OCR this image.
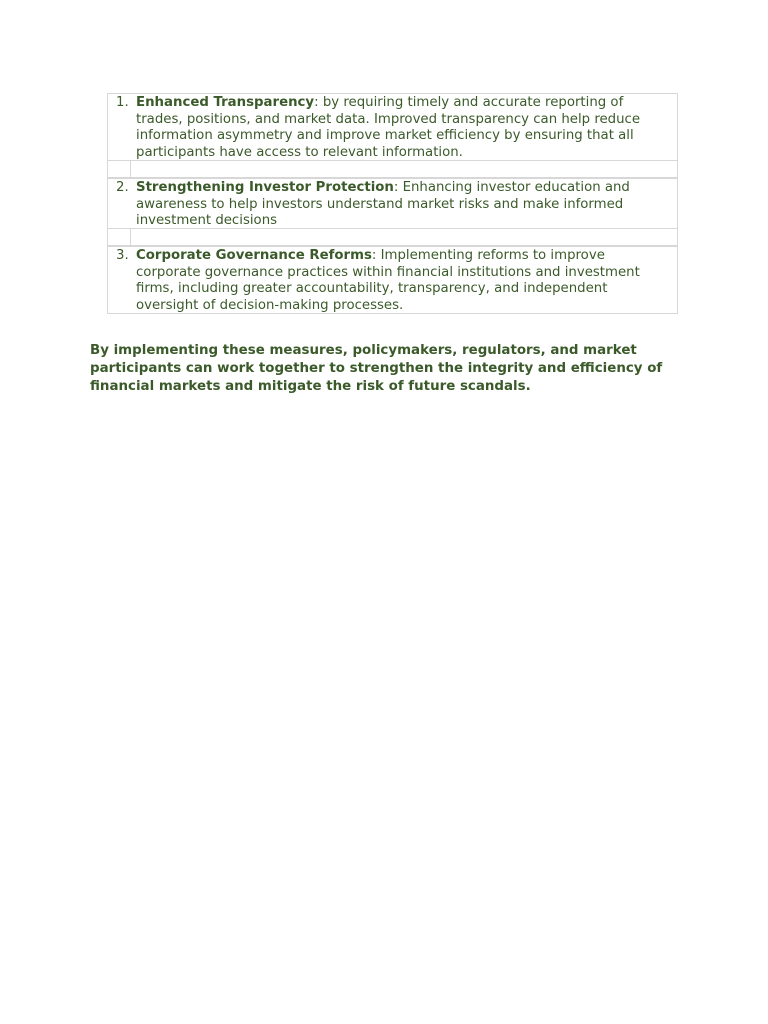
1. Enhanced Transparency: by requiring timely and accurate reporting of trades, positions, and market data. Improved transparency can help reduce information asymmetry and improve market efficiency by ensuring that all participants have access to relevant information.
2. Strengthening Investor Protection: Enhancing investor education and awareness to help investors understand market risks and make informed investment decisions
3. Corporate Governance Reforms: Implementing reforms to improve corporate governance practices within financial institutions and investment firms, including greater accountability, transparency, and independent oversight of decision-making processes.

By implementing these measures, policymakers, regulators, and market participants can work together to strengthen the integrity and efficiency of financial markets and mitigate the risk of future scandals.
